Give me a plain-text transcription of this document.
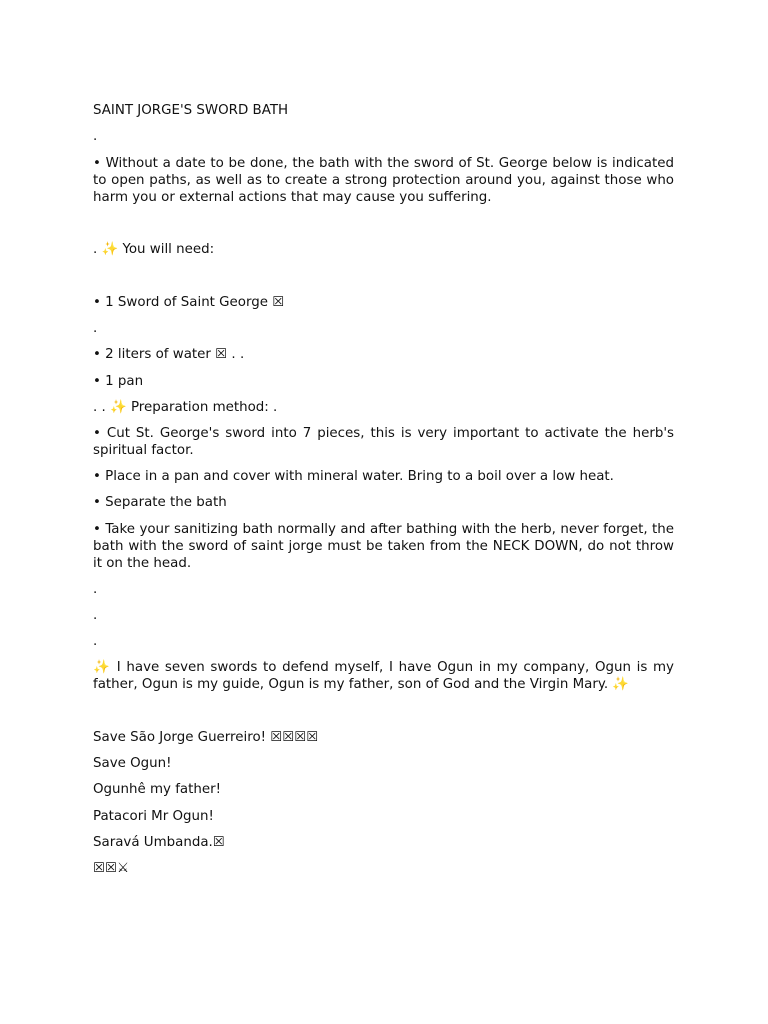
SAINT JORGE'S SWORD BATH

.

• Without a date to be done, the bath with the sword of St. George below is indicated to open paths, as well as to create a strong protection around you, against those who harm you or external actions that may cause you suffering.

. ✨ You will need:

• 1 Sword of Saint George ☒

.

• 2 liters of water ☒ . .

• 1 pan

. . ✨ Preparation method: .

• Cut St. George's sword into 7 pieces, this is very important to activate the herb's spiritual factor.

• Place in a pan and cover with mineral water. Bring to a boil over a low heat.

• Separate the bath

• Take your sanitizing bath normally and after bathing with the herb, never forget, the bath with the sword of saint jorge must be taken from the NECK DOWN, do not throw it on the head.

.

.

.

✨ I have seven swords to defend myself, I have Ogun in my company, Ogun is my father, Ogun is my guide, Ogun is my father, son of God and the Virgin Mary. ✨

Save São Jorge Guerreiro! ☒☒☒☒

Save Ogun!

Ogunhê my father!

Patacori Mr Ogun!

Saravá Umbanda.☒

☒☒⚔
